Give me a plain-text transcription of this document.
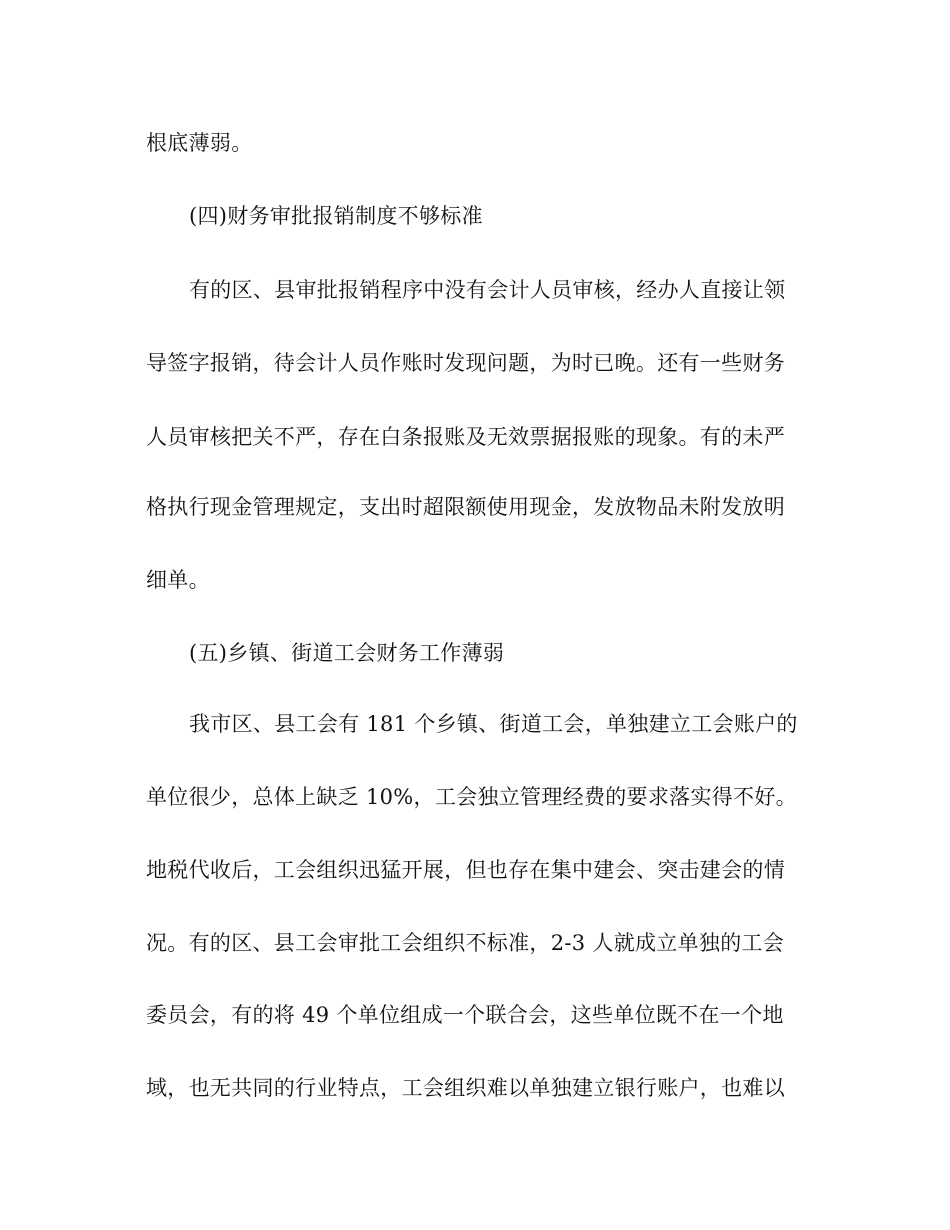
根底薄弱。
(四)财务审批报销制度不够标准
有的区、县审批报销程序中没有会计人员审核，经办人直接让领
导签字报销，待会计人员作账时发现问题，为时已晚。还有一些财务
人员审核把关不严，存在白条报账及无效票据报账的现象。有的未严
格执行现金管理规定，支出时超限额使用现金，发放物品未附发放明
细单。
(五)乡镇、街道工会财务工作薄弱
我市区、县工会有 181 个乡镇、街道工会，单独建立工会账户的
单位很少，总体上缺乏 10%，工会独立管理经费的要求落实得不好。
地税代收后，工会组织迅猛开展，但也存在集中建会、突击建会的情
况。有的区、县工会审批工会组织不标准，2-3 人就成立单独的工会
委员会，有的将 49 个单位组成一个联合会，这些单位既不在一个地
域，也无共同的行业特点，工会组织难以单独建立银行账户，也难以
